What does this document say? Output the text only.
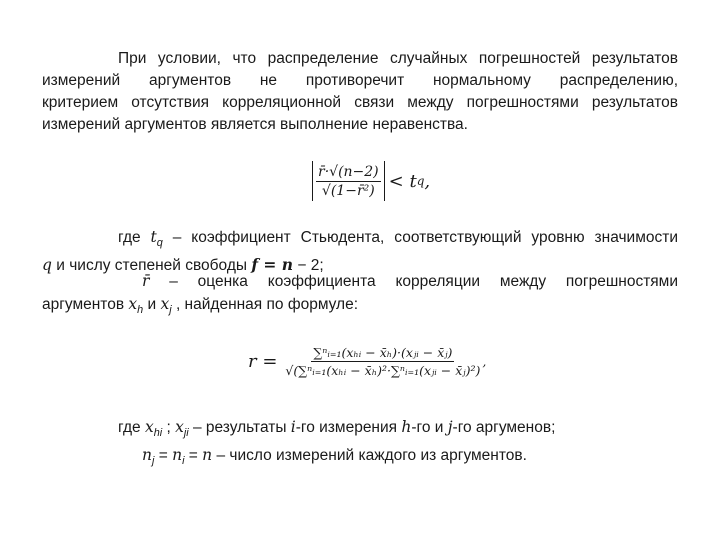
При условии, что распределение случайных погрешностей результатов
измерений аргументов не противоречит нормальному распределению,
критерием отсутствия корреляционной связи между погрешностями результатов
измерений аргументов является выполнение неравенства.
$\frac{r̄\cdot√(n-2)}{\text{√(1−r̄²)}} < t$ q ,
где $t_q$ – коэффициент Стьюдента, соответствующий уровню значимости
q и числу степеней свободы f = n − 2;
r̄ – оценка коэффициента корреляции между погрешностями
аргументов $x_h$ и $x_j$ , найденная по формуле:
$r = \frac{\text{∑ⁿᵢ₌₁(xₕᵢ − x̄ₕ)·(xⱼᵢ − x̄ⱼ)}}{\text{√(∑ⁿᵢ₌₁(xₕᵢ − x̄ₕ)²·∑ⁿᵢ₌₁(xⱼᵢ − x̄ⱼ)²)}}$ ,
где $x_{hi}$ ; $x_{ji}$ – результаты i-го измерения h-го и j-го аргуменов;
$n_j = n_i = n$ – число измерений каждого из аргументов.
